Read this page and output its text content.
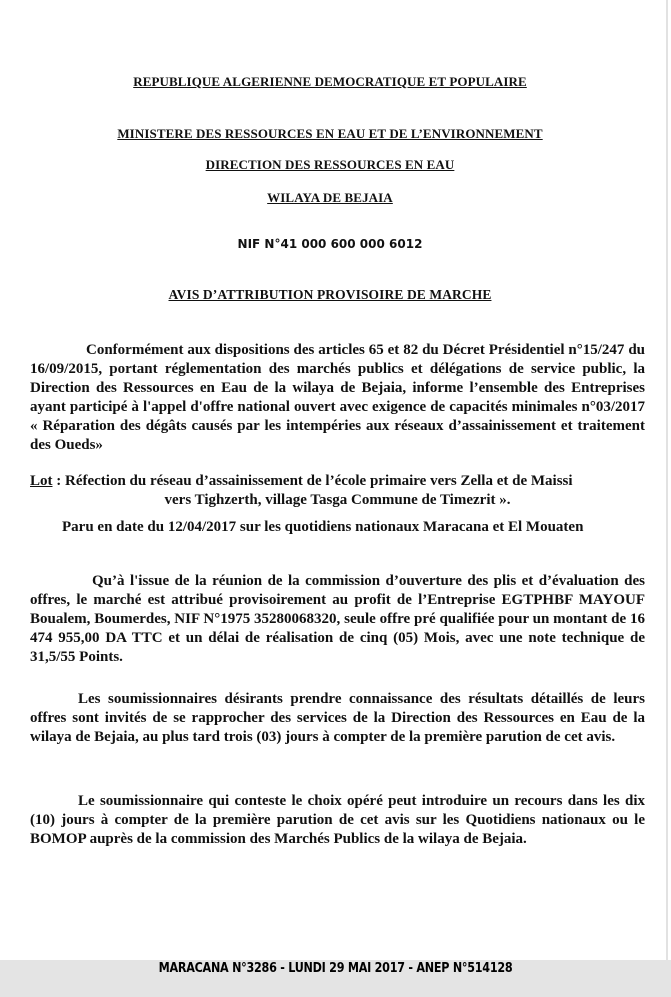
REPUBLIQUE ALGERIENNE DEMOCRATIQUE ET POPULAIRE
MINISTERE DES RESSOURCES EN EAU ET DE L’ENVIRONNEMENT
DIRECTION DES RESSOURCES EN EAU
WILAYA DE BEJAIA
NIF N°41 000 600 000 6012
AVIS D’ATTRIBUTION PROVISOIRE DE MARCHE

Conformément aux dispositions des articles 65 et 82 du Décret Présidentiel n°15/247 du 16/09/2015, portant réglementation des marchés publics et délégations de service public, la Direction des Ressources en Eau de la wilaya de Bejaia, informe l’ensemble des Entreprises ayant participé à l'appel d'offre national ouvert avec exigence de capacités minimales n°03/2017 « Réparation des dégâts causés par les intempéries aux réseaux d’assainissement et traitement des Oueds»

Lot : Réfection du réseau d’assainissement de l’école primaire vers Zella et de Maissi
vers Tighzerth, village Tasga Commune de Timezrit ».

Paru en date du 12/04/2017 sur les quotidiens nationaux Maracana et El Mouaten

Qu’à l'issue de la réunion de la commission d’ouverture des plis et d’évaluation des offres, le marché est attribué provisoirement au profit de l’Entreprise EGTPHBF MAYOUF Boualem, Boumerdes, NIF N°1975 35280068320, seule offre pré qualifiée pour un montant de 16 474 955,00 DA TTC et un délai de réalisation de cinq (05) Mois, avec une note technique de 31,5/55 Points.

Les soumissionnaires désirants prendre connaissance des résultats détaillés de leurs offres sont invités de se rapprocher des services de la Direction des Ressources en Eau de la wilaya de Bejaia, au plus tard trois (03) jours à compter de la première parution de cet avis.

Le soumissionnaire qui conteste le choix opéré peut introduire un recours dans les dix (10) jours à compter de la première parution de cet avis sur les Quotidiens nationaux ou le BOMOP auprès de la commission des Marchés Publics de la wilaya de Bejaia.

MARACANA N°3286 - LUNDI 29 MAI 2017 - ANEP N°514128
